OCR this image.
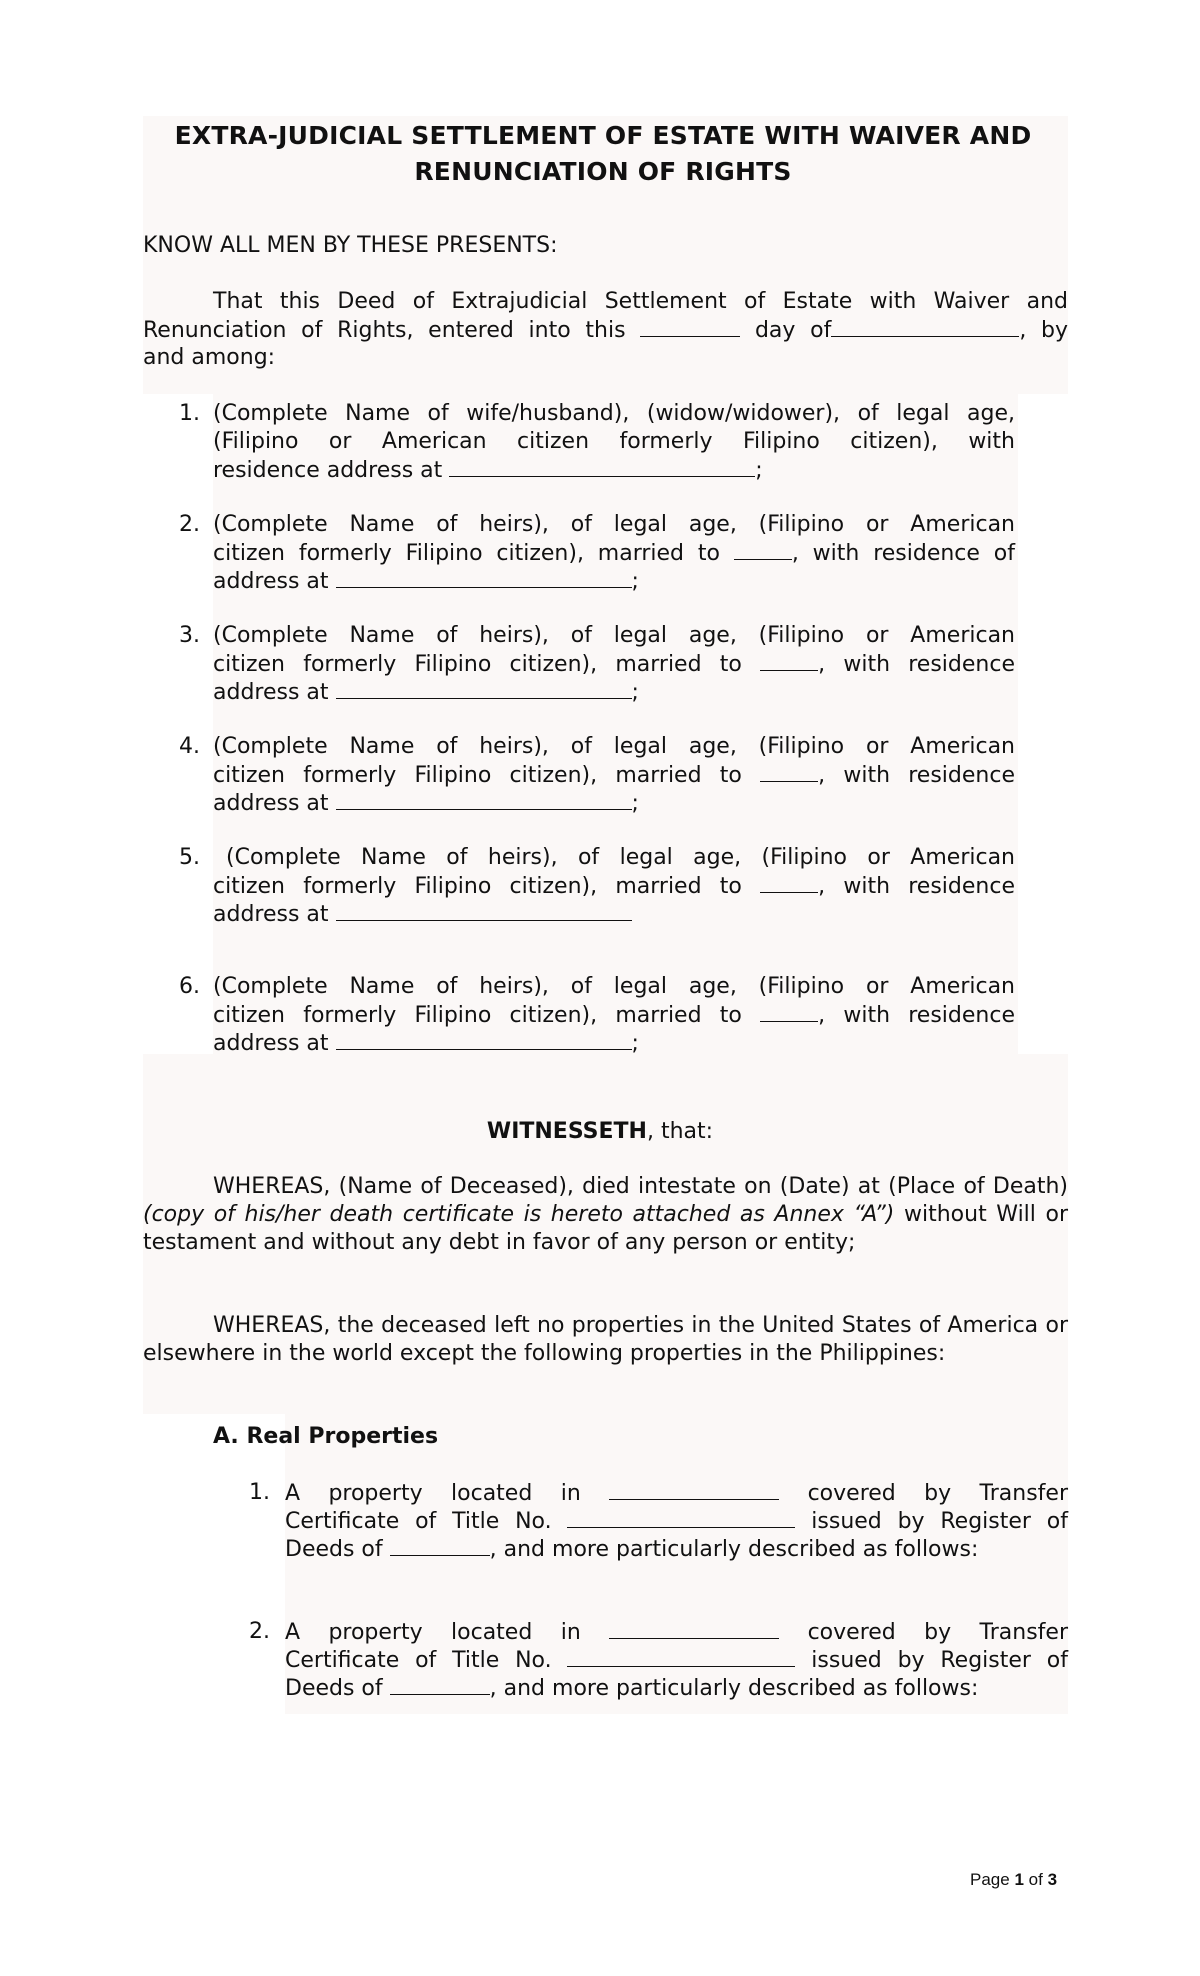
EXTRA-JUDICIAL SETTLEMENT OF ESTATE WITH WAIVER AND RENUNCIATION OF RIGHTS
KNOW ALL MEN BY THESE PRESENTS:
That this Deed of Extrajudicial Settlement of Estate with Waiver and Renunciation of Rights, entered into this	day of	, by
and among:
1. (Complete Name of wife/husband), (widow/widower), of legal age,
(Filipino or American citizen formerly Filipino citizen), with
residence address at	;
2. (Complete Name of heirs), of legal age, (Filipino or American
citizen formerly Filipino citizen), married to	, with residence of
address at	;
3. (Complete Name of heirs), of legal age, (Filipino or American
citizen formerly Filipino citizen), married to	, with residence
address at	;
4. (Complete Name of heirs), of legal age, (Filipino or American
citizen formerly Filipino citizen), married to	, with residence
address at	;
5. (Complete Name of heirs), of legal age, (Filipino or American
citizen formerly Filipino citizen), married to	, with residence
address at
6. (Complete Name of heirs), of legal age, (Filipino or American
citizen formerly Filipino citizen), married to	, with residence
address at	;
WITNESSETH, that:
WHEREAS, (Name of Deceased), died intestate on (Date) at (Place of Death) (copy of his/her death certificate is hereto attached as Annex “A”) without Will or testament and without any debt in favor of any person or entity;
WHEREAS, the deceased left no properties in the United States of America or elsewhere in the world except the following properties in the Philippines:
A. Real Properties
1. A property located in	covered by Transfer
Certificate of Title No.	issued by Register of
Deeds of	, and more particularly described as follows:
2. A property located in	covered by Transfer
Certificate of Title No.	issued by Register of
Deeds of	, and more particularly described as follows:
Page 1 of 3
